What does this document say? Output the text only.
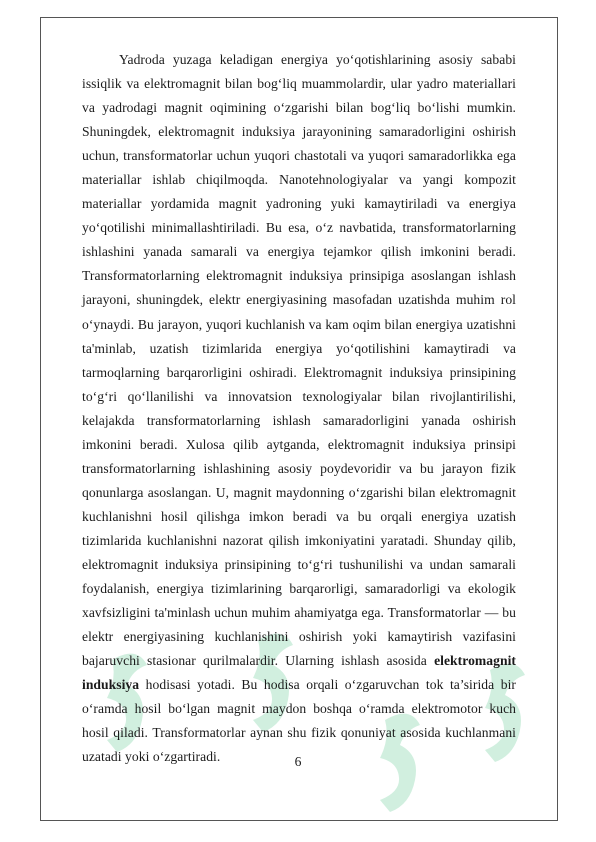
Yadroda yuzaga keladigan energiya yo‘qotishlarining asosiy sababi issiqlik va elektromagnit bilan bog‘liq muammolardir, ular yadro materiallari va yadrodagi magnit oqimining o‘zgarishi bilan bog‘liq bo‘lishi mumkin. Shuningdek, elektromagnit induksiya jarayonining samaradorligini oshirish uchun, transformatorlar uchun yuqori chastotali va yuqori samaradorlikka ega materiallar ishlab chiqilmoqda. Nanotehnologiyalar va yangi kompozit materiallar yordamida magnit yadroning yuki kamaytiriladi va energiya yo‘qotilishi minimallashtiriladi. Bu esa, o‘z navbatida, transformatorlarning ishlashini yanada samarali va energiya tejamkor qilish imkonini beradi. Transformatorlarning elektromagnit induksiya prinsipiga asoslangan ishlash jarayoni, shuningdek, elektr energiyasining masofadan uzatishda muhim rol o‘ynaydi. Bu jarayon, yuqori kuchlanish va kam oqim bilan energiya uzatishni ta'minlab, uzatish tizimlarida energiya yo‘qotilishini kamaytiradi va tarmoqlarning barqarorligini oshiradi. Elektromagnit induksiya prinsipining to‘g‘ri qo‘llanilishi va innovatsion texnologiyalar bilan rivojlantirilishi, kelajakda transformatorlarning ishlash samaradorligini yanada oshirish imkonini beradi. Xulosa qilib aytganda, elektromagnit induksiya prinsipi transformatorlarning ishlashining asosiy poydevoridir va bu jarayon fizik qonunlarga asoslangan. U, magnit maydonning o‘zgarishi bilan elektromagnit kuchlanishni hosil qilishga imkon beradi va bu orqali energiya uzatish tizimlarida kuchlanishni nazorat qilish imkoniyatini yaratadi. Shunday qilib, elektromagnit induksiya prinsipining to‘g‘ri tushunilishi va undan samarali foydalanish, energiya tizimlarining barqarorligi, samaradorligi va ekologik xavfsizligini ta'minlash uchun muhim ahamiyatga ega. Transformatorlar — bu elektr energiyasining kuchlanishini oshirish yoki kamaytirish vazifasini bajaruvchi stasionar qurilmalardir. Ularning ishlash asosida elektromagnit induksiya hodisasi yotadi. Bu hodisa orqali o‘zgaruvchan tok ta’sirida bir o‘ramda hosil bo‘lgan magnit maydon boshqa o‘ramda elektromotor kuch hosil qiladi. Transformatorlar aynan shu fizik qonuniyat asosida kuchlanmani uzatadi yoki o‘zgartiradi.	6
